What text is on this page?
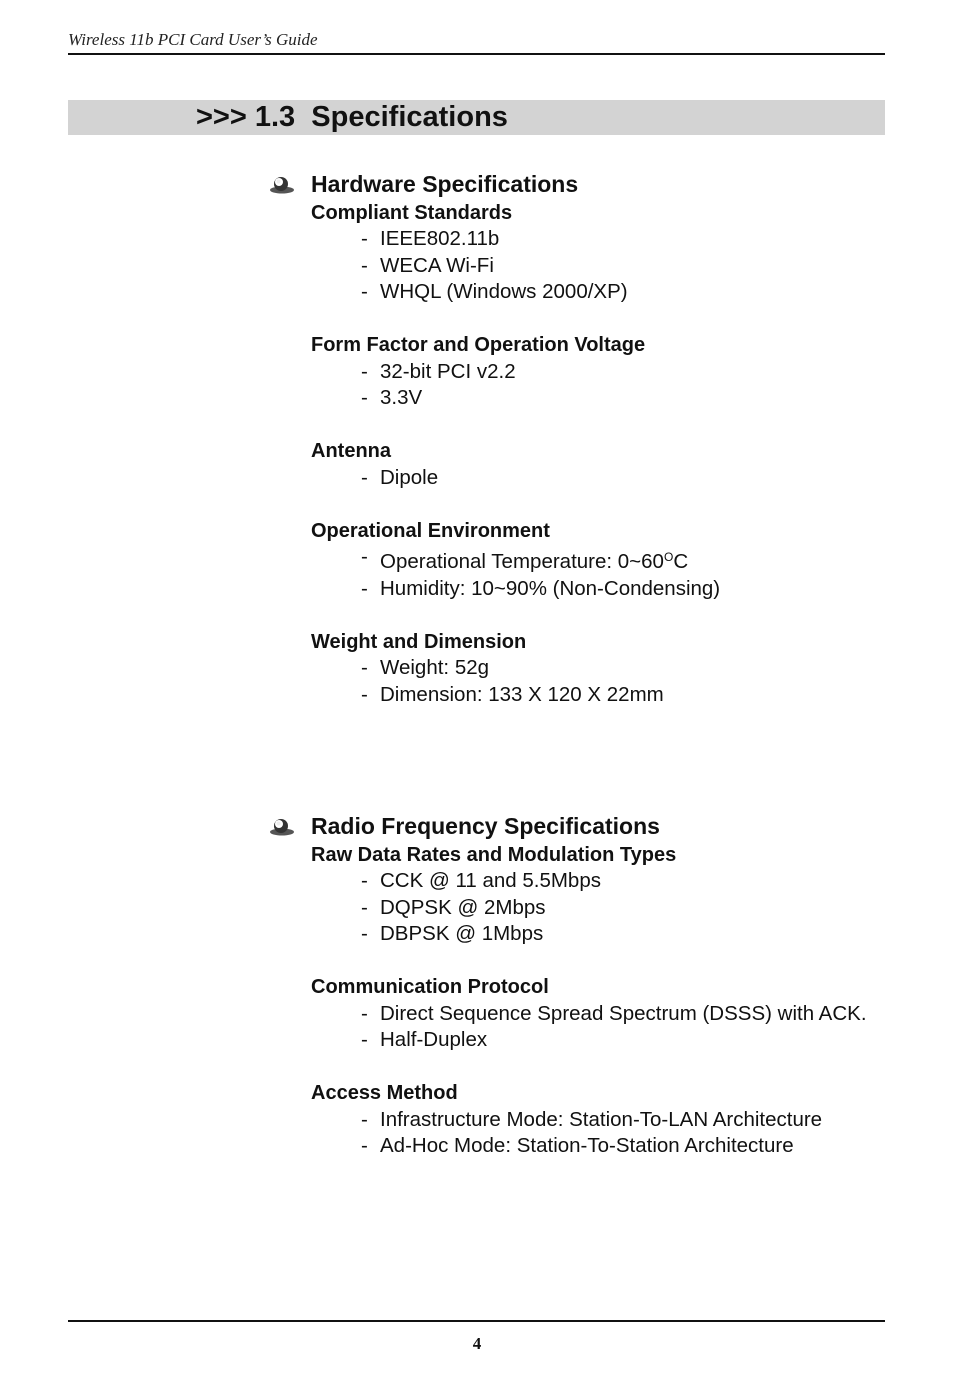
Wireless 11b PCI Card User’s Guide
>>> 1.3  Specifications
Hardware Specifications
Compliant Standards
- IEEE802.11b
- WECA Wi-Fi
- WHQL (Windows 2000/XP)
Form Factor and Operation Voltage
- 32-bit PCI v2.2
- 3.3V
Antenna
- Dipole
Operational Environment
- Operational Temperature: $0\sim 60^OC$
- Humidity: 10~90% (Non-Condensing)
Weight and Dimension
- Weight: 52g
- Dimension: 133 X 120 X 22mm
Radio Frequency Specifications
Raw Data Rates and Modulation Types
- CCK @ 11 and 5.5Mbps
- DQPSK @ 2Mbps
- DBPSK @ 1Mbps
Communication Protocol
- Direct Sequence Spread Spectrum (DSSS) with ACK.
- Half-Duplex
Access Method
- Infrastructure Mode: Station-To-LAN Architecture
- Ad-Hoc Mode: Station-To-Station Architecture
4
